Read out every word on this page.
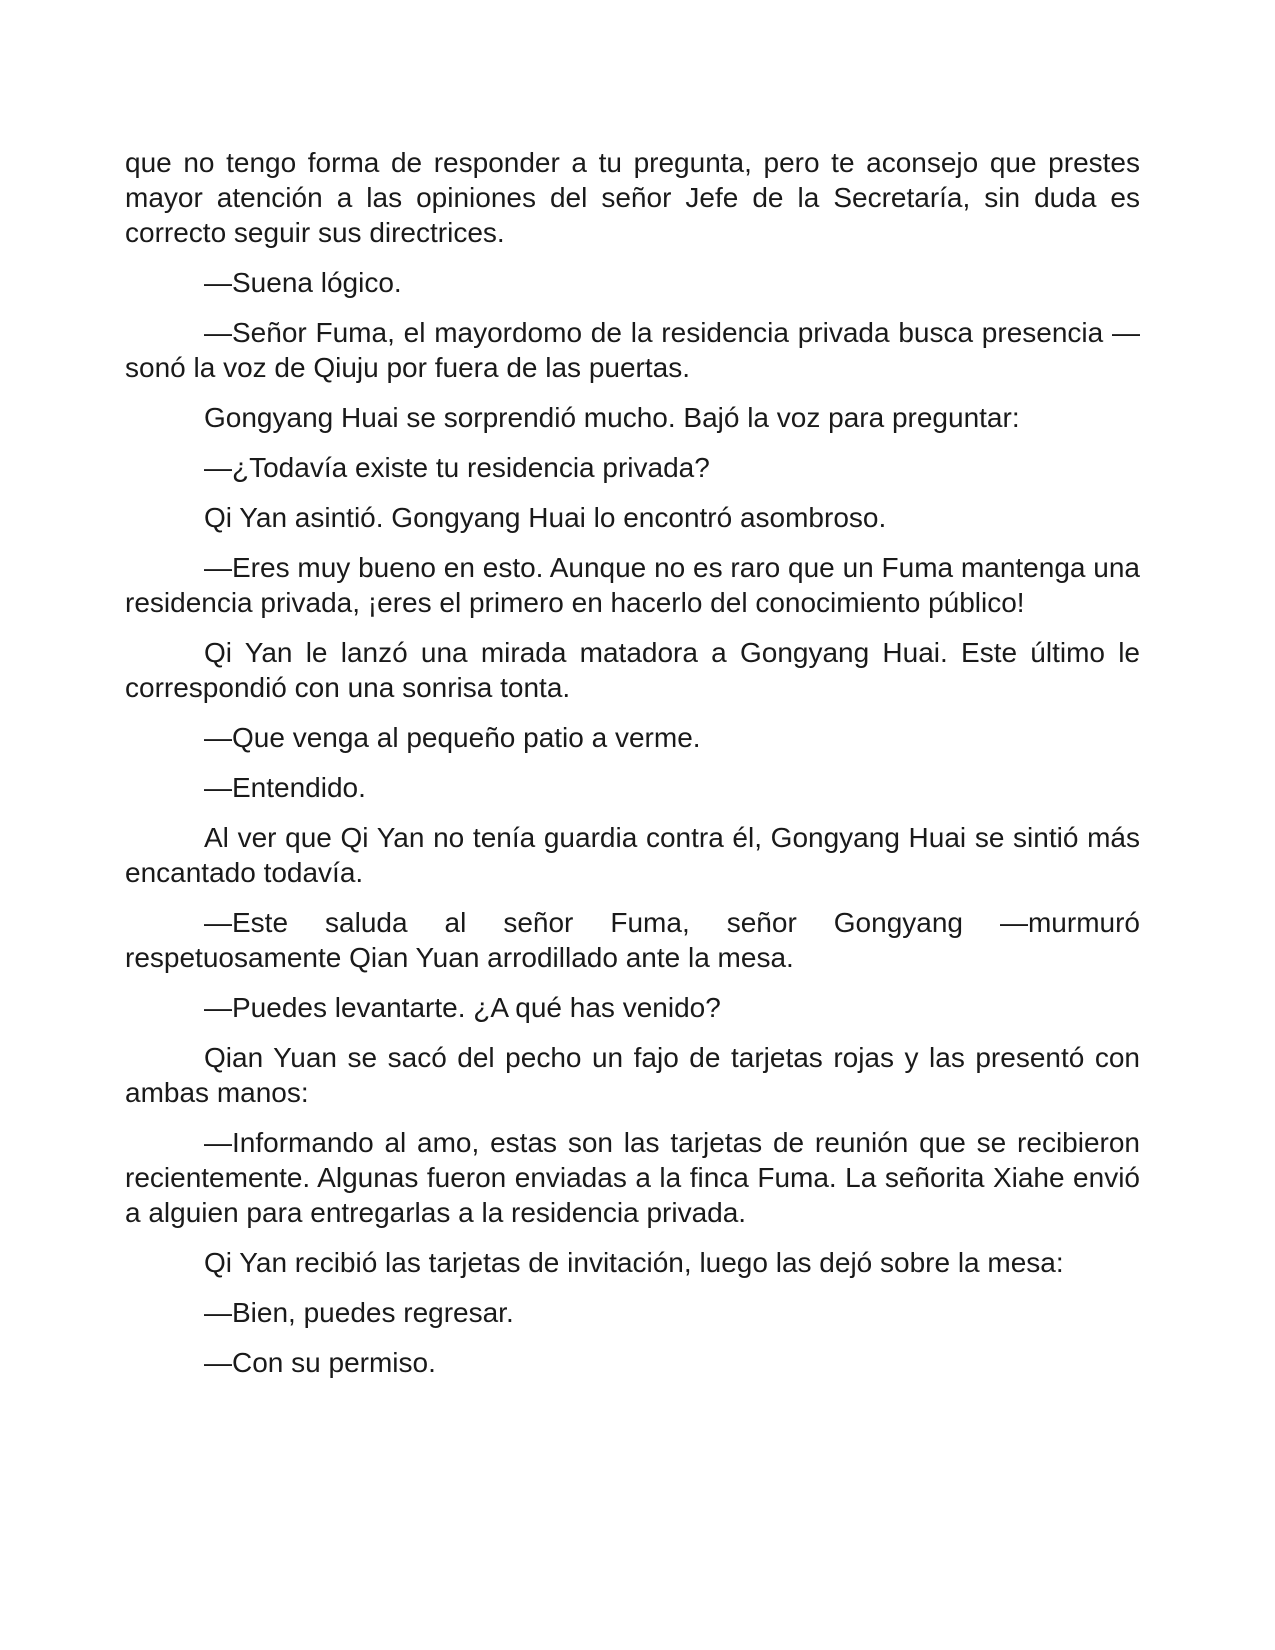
que no tengo forma de responder a tu pregunta, pero te aconsejo que prestes mayor atención a las opiniones del señor Jefe de la Secretaría, sin duda es correcto seguir sus directrices.

—Suena lógico.

—Señor Fuma, el mayordomo de la residencia privada busca presencia —sonó la voz de Qiuju por fuera de las puertas.

Gongyang Huai se sorprendió mucho. Bajó la voz para preguntar:

—¿Todavía existe tu residencia privada?

Qi Yan asintió. Gongyang Huai lo encontró asombroso.

—Eres muy bueno en esto. Aunque no es raro que un Fuma mantenga una residencia privada, ¡eres el primero en hacerlo del conocimiento público!

Qi Yan le lanzó una mirada matadora a Gongyang Huai. Este último le correspondió con una sonrisa tonta.

—Que venga al pequeño patio a verme.

—Entendido.

Al ver que Qi Yan no tenía guardia contra él, Gongyang Huai se sintió más encantado todavía.

—Este saluda al señor Fuma, señor Gongyang —murmuró respetuosamente Qian Yuan arrodillado ante la mesa.

—Puedes levantarte. ¿A qué has venido?

Qian Yuan se sacó del pecho un fajo de tarjetas rojas y las presentó con ambas manos:

—Informando al amo, estas son las tarjetas de reunión que se recibieron recientemente. Algunas fueron enviadas a la finca Fuma. La señorita Xiahe envió a alguien para entregarlas a la residencia privada.

Qi Yan recibió las tarjetas de invitación, luego las dejó sobre la mesa:

—Bien, puedes regresar.

—Con su permiso.
